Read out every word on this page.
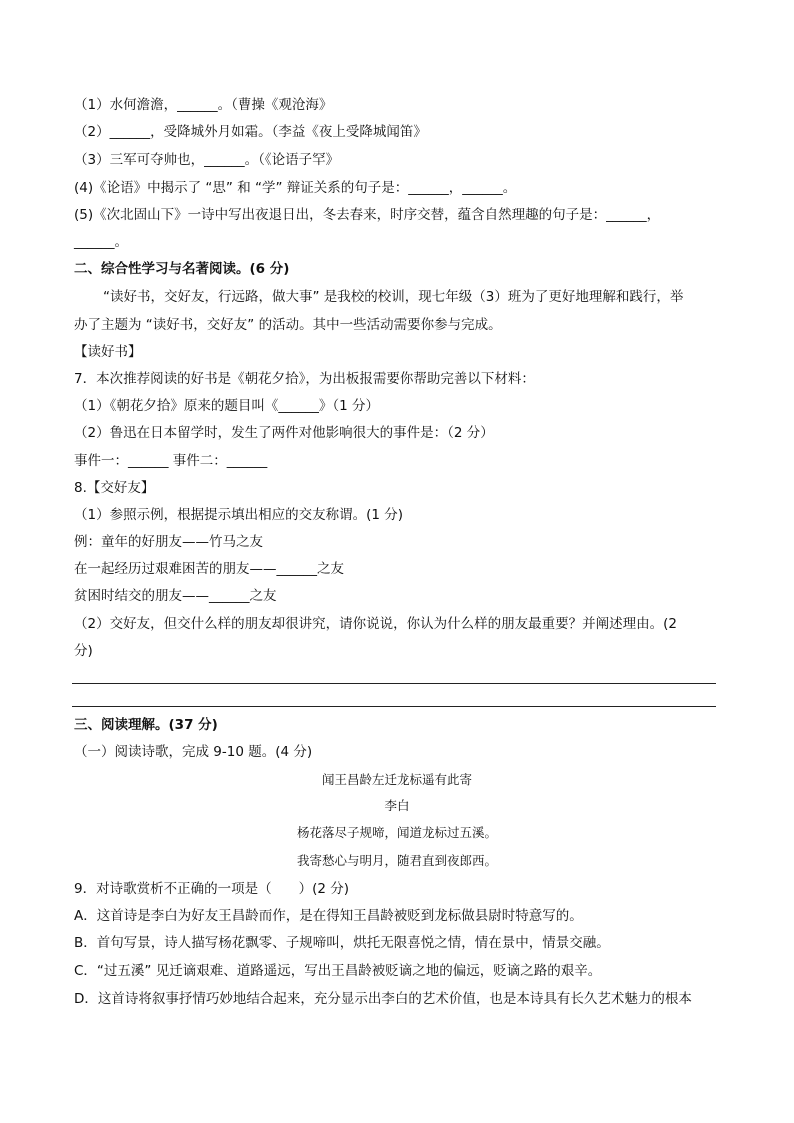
（1）水何澹澹，______。（曹操《观沧海》
（2）______，受降城外月如霜。（李益《夜上受降城闻笛》
（3）三军可夺帅也，______。（《论语子罕》
(4)《论语》中揭示了 “思” 和 “学” 辩证关系的句子是：______，______。
(5)《次北固山下》一诗中写出夜退日出，冬去春来，时序交替，蕴含自然理趣的句子是：______，
______。
二、综合性学习与名著阅读。(6 分)
“读好书，交好友，行远路，做大事” 是我校的校训，现七年级（3）班为了更好地理解和践行，举
办了主题为 “读好书，交好友” 的活动。其中一些活动需要你参与完成。
【读好书】
7．本次推荐阅读的好书是《朝花夕拾》，为出板报需要你帮助完善以下材料：
（1）《朝花夕拾》原来的题目叫《______》（1 分）
（2）鲁迅在日本留学时，发生了两件对他影响很大的事件是：（2 分）
事件一：______ 事件二：______
8.【交好友】
（1）参照示例，根据提示填出相应的交友称谓。(1 分)
例：童年的好朋友——竹马之友
在一起经历过艰难困苦的朋友——______之友
贫困时结交的朋友——______之友
（2）交好友，但交什么样的朋友却很讲究，请你说说，你认为什么样的朋友最重要？并阐述理由。(2
分)
三、阅读理解。(37 分)
（一）阅读诗歌，完成 9-10 题。(4 分)
闻王昌龄左迁龙标遥有此寄
李白
杨花落尽子规啼，闻道龙标过五溪。
我寄愁心与明月，随君直到夜郎西。
9．对诗歌赏析不正确的一项是（　　）(2 分)
A．这首诗是李白为好友王昌龄而作，是在得知王昌龄被贬到龙标做县尉时特意写的。
B．首句写景，诗人描写杨花飘零、子规啼叫，烘托无限喜悦之情，情在景中，情景交融。
C．“过五溪” 见迁谪艰难、道路遥远，写出王昌龄被贬谪之地的偏远，贬谪之路的艰辛。
D．这首诗将叙事抒情巧妙地结合起来，充分显示出李白的艺术价值，也是本诗具有长久艺术魅力的根本
